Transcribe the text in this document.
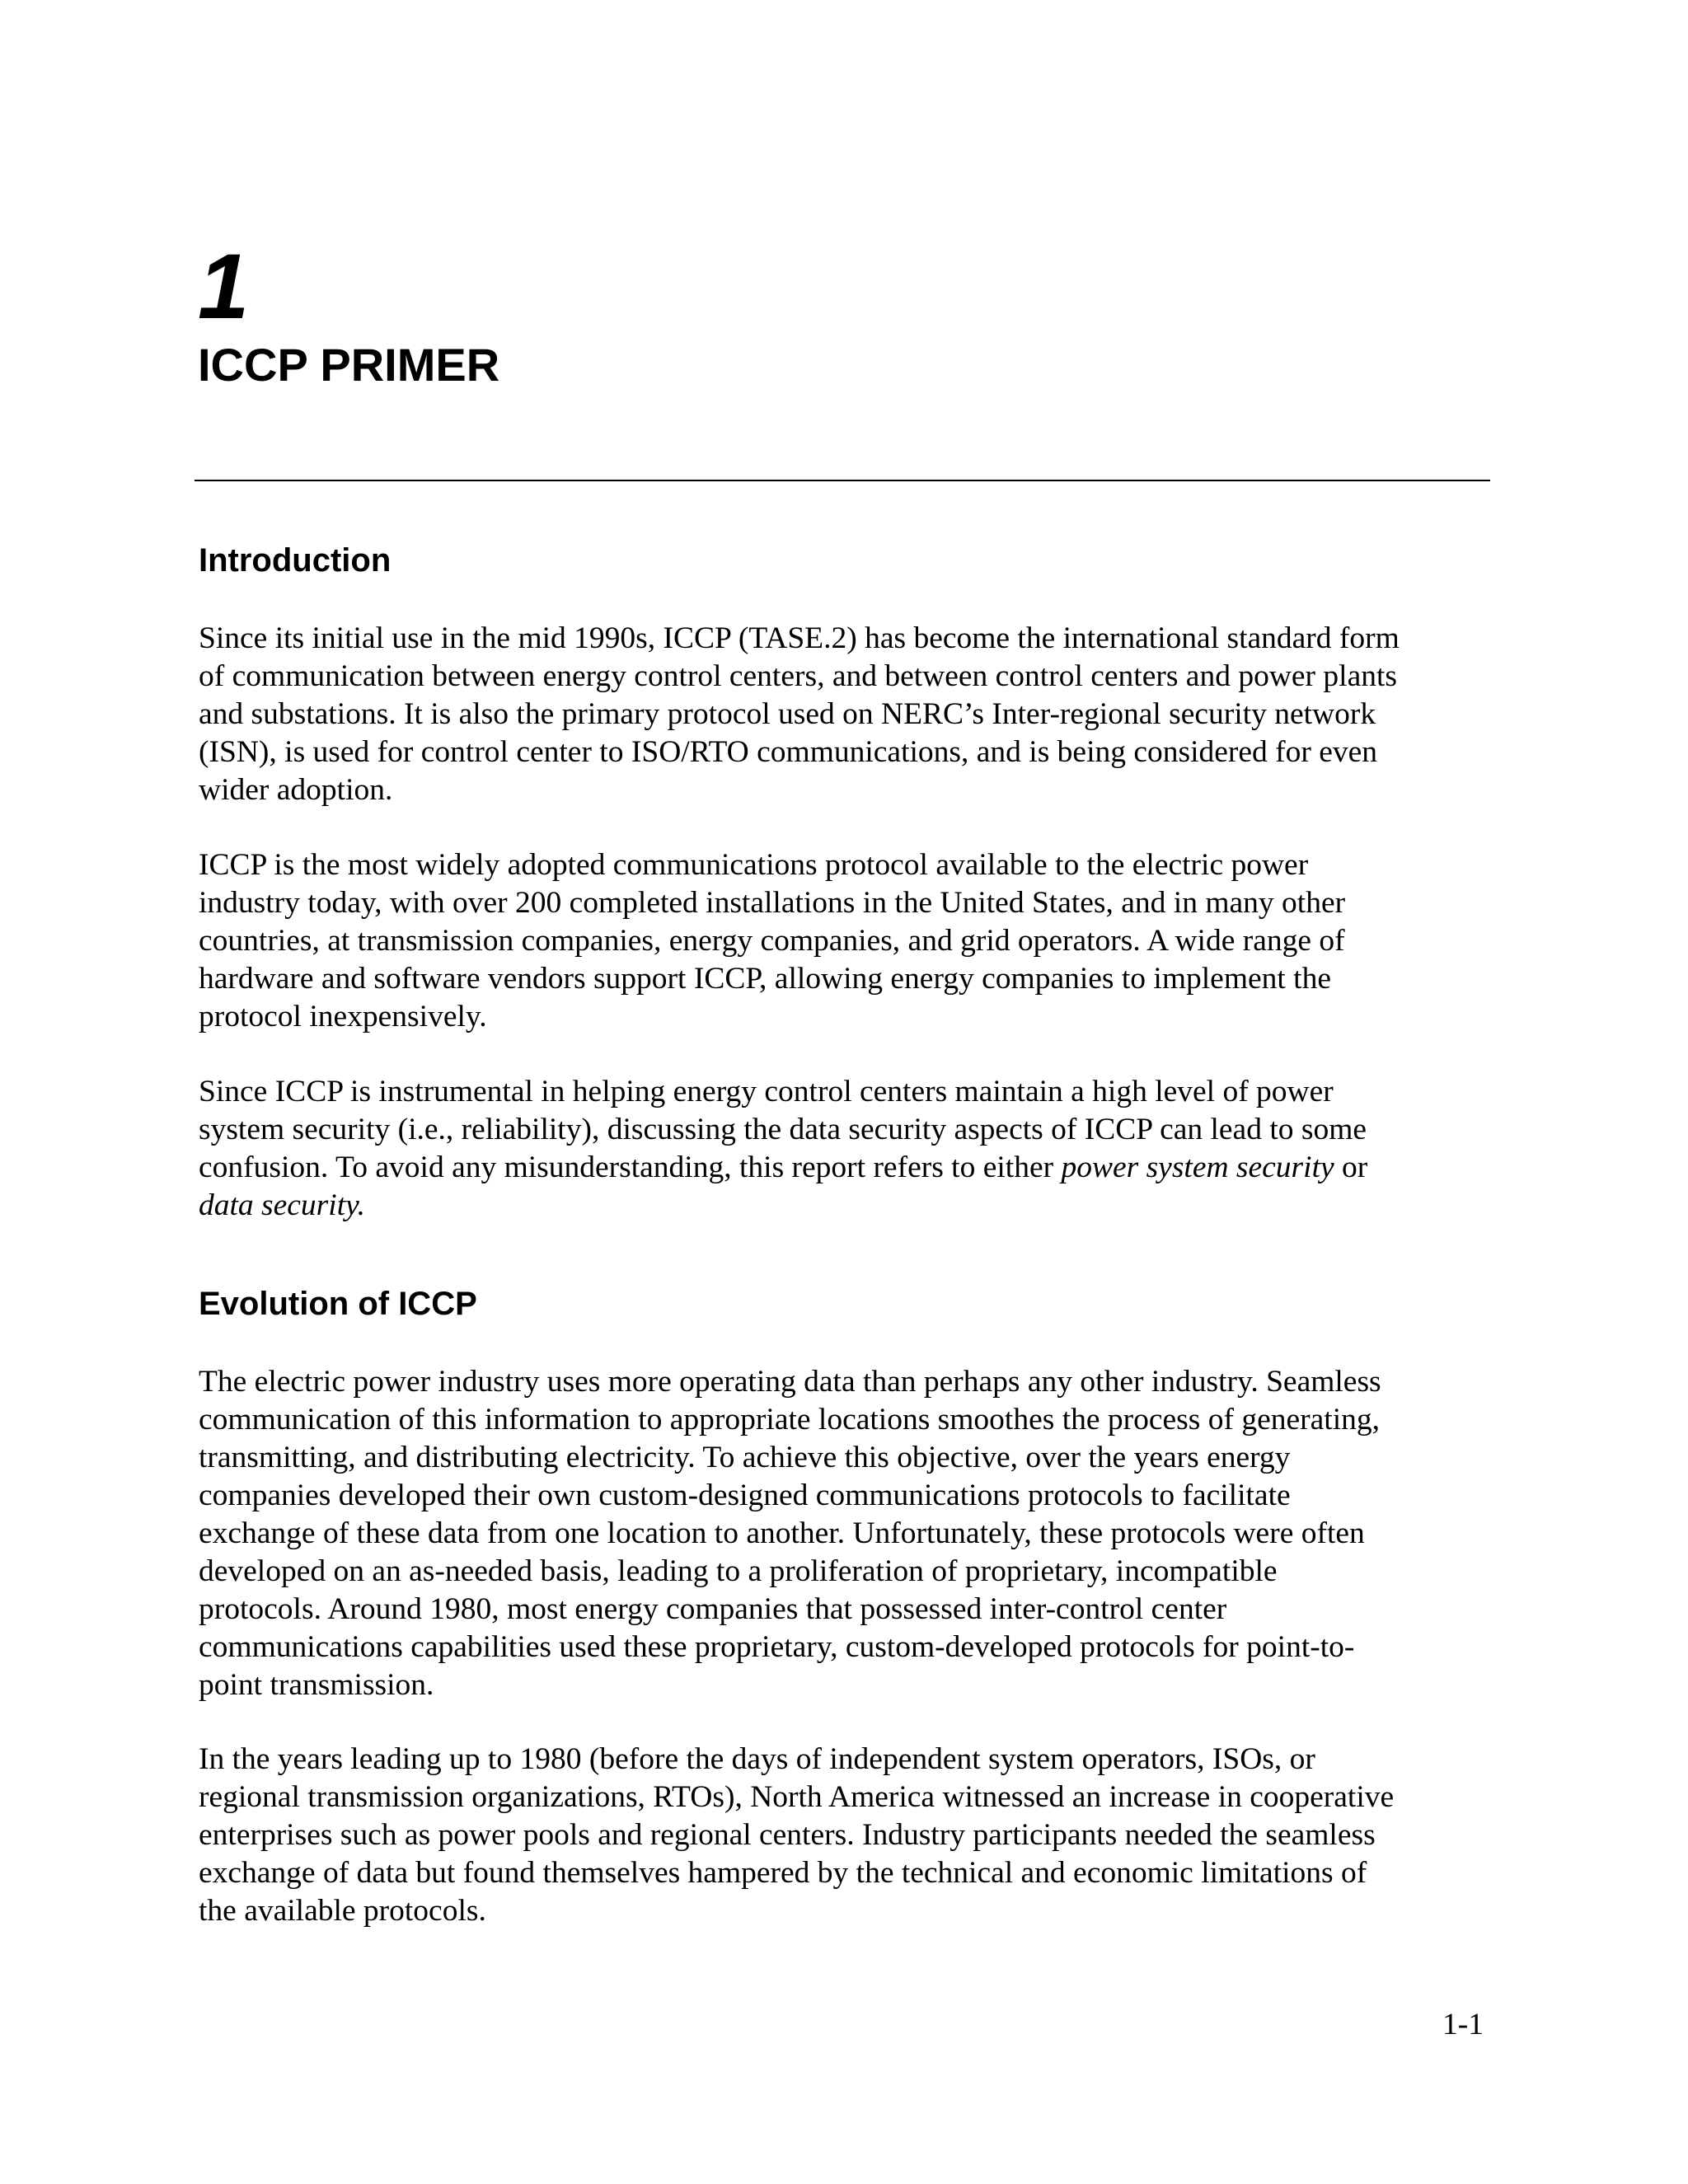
1
ICCP PRIMER
Introduction

Since its initial use in the mid 1990s, ICCP (TASE.2) has become the international standard form
of communication between energy control centers, and between control centers and power plants
and substations. It is also the primary protocol used on NERC’s Inter-regional security network
(ISN), is used for control center to ISO/RTO communications, and is being considered for even
wider adoption.

ICCP is the most widely adopted communications protocol available to the electric power
industry today, with over 200 completed installations in the United States, and in many other
countries, at transmission companies, energy companies, and grid operators. A wide range of
hardware and software vendors support ICCP, allowing energy companies to implement the
protocol inexpensively.

Since ICCP is instrumental in helping energy control centers maintain a high level of power
system security (i.e., reliability), discussing the data security aspects of ICCP can lead to some
confusion. To avoid any misunderstanding, this report refers to either power system security or
data security.

Evolution of ICCP

The electric power industry uses more operating data than perhaps any other industry. Seamless
communication of this information to appropriate locations smoothes the process of generating,
transmitting, and distributing electricity. To achieve this objective, over the years energy
companies developed their own custom-designed communications protocols to facilitate
exchange of these data from one location to another. Unfortunately, these protocols were often
developed on an as-needed basis, leading to a proliferation of proprietary, incompatible
protocols. Around 1980, most energy companies that possessed inter-control center
communications capabilities used these proprietary, custom-developed protocols for point-to-
point transmission.

In the years leading up to 1980 (before the days of independent system operators, ISOs, or
regional transmission organizations, RTOs), North America witnessed an increase in cooperative
enterprises such as power pools and regional centers. Industry participants needed the seamless
exchange of data but found themselves hampered by the technical and economic limitations of
the available protocols.

1-1
